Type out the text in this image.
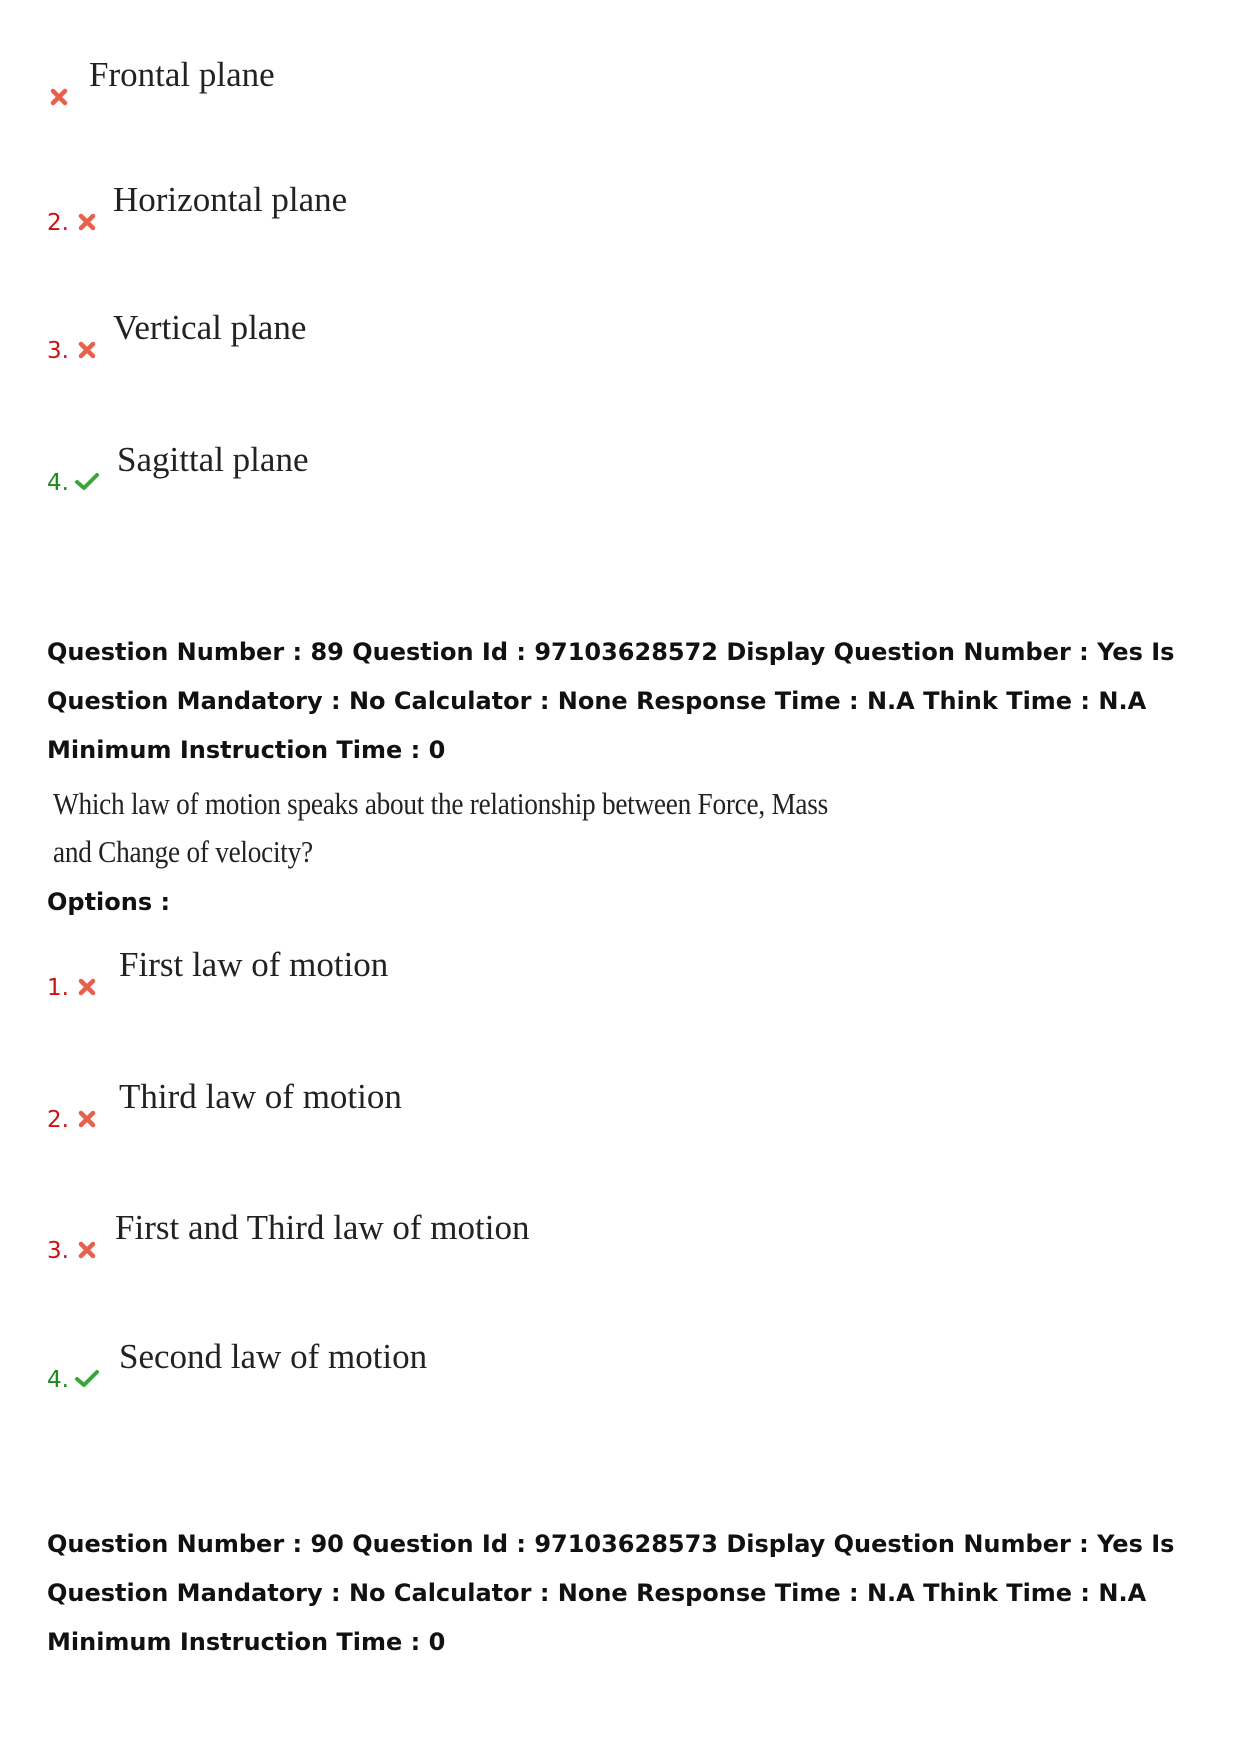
Frontal plane
2.
Horizontal plane
3.
Vertical plane
4.
Sagittal plane
Question Number : 89 Question Id : 97103628572 Display Question Number : Yes Is Question Mandatory : No Calculator : None Response Time : N.A Think Time : N.A Minimum Instruction Time : 0
Which law of motion speaks about the relationship between Force, Mass and Change of velocity?
Options :
1.
First law of motion
2.
Third law of motion
3.
First and Third law of motion
4.
Second law of motion
Question Number : 90 Question Id : 97103628573 Display Question Number : Yes Is Question Mandatory : No Calculator : None Response Time : N.A Think Time : N.A Minimum Instruction Time : 0
